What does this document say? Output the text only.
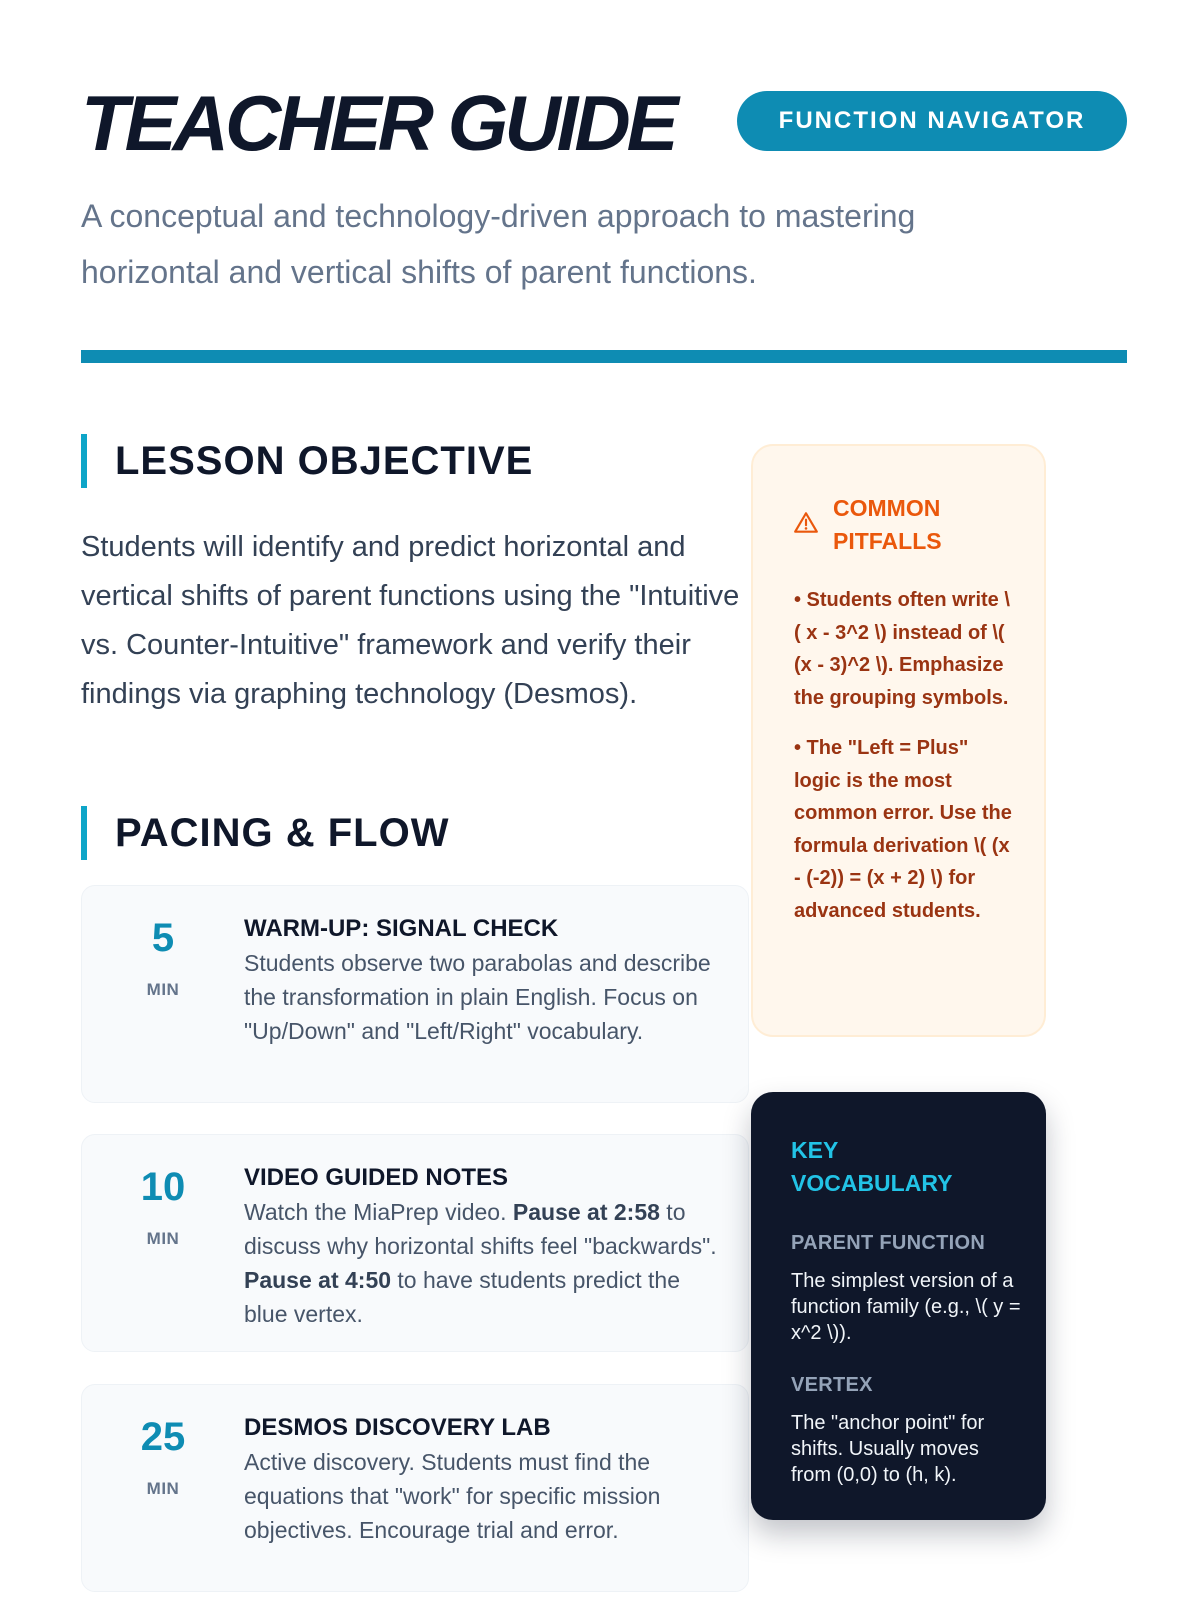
TEACHER GUIDE	FUNCTION NAVIGATOR

A conceptual and technology-driven approach to mastering horizontal and vertical shifts of parent functions.

LESSON OBJECTIVE

Students will identify and predict horizontal and vertical shifts of parent functions using the "Intuitive vs. Counter-Intuitive" framework and verify their findings via graphing technology (Desmos).

PACING & FLOW
5
MIN
WARM-UP: SIGNAL CHECK
Students observe two parabolas and describe the transformation in plain English. Focus on "Up/Down" and "Left/Right" vocabulary.
10
MIN
VIDEO GUIDED NOTES
Watch the MiaPrep video. Pause at 2:58 to discuss why horizontal shifts feel "backwards". Pause at 4:50 to have students predict the blue vertex.
25
MIN
DESMOS DISCOVERY LAB
Active discovery. Students must find the equations that "work" for specific mission objectives. Encourage trial and error.
COMMON PITFALLS
• Students often write \( x - 3^2 \) instead of \( (x - 3)^2 \). Emphasize the grouping symbols.
• The "Left = Plus" logic is the most common error. Use the formula derivation \( (x - (-2)) = (x + 2) \) for advanced students.
KEY VOCABULARY
PARENT FUNCTION
The simplest version of a function family (e.g., \( y = x^2 \)).
VERTEX
The "anchor point" for shifts. Usually moves from (0,0) to (h, k).
